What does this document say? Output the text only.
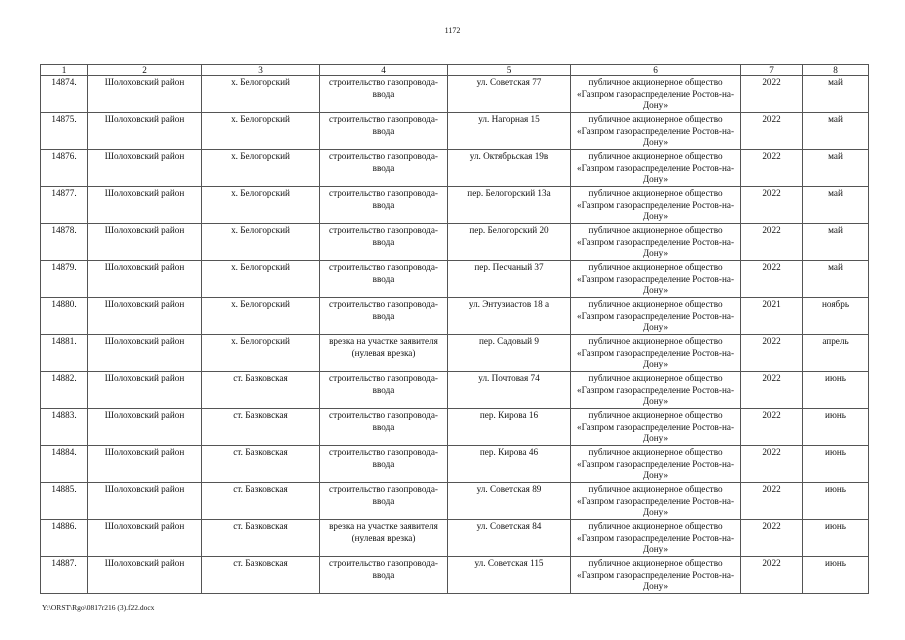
1172
1	2	3	4	5	6	7	8
14874.	Шолоховский район	х. Белогорский	строительство газопровода-ввода	ул. Советская 77	публичное акционерное общество «Газпром газораспределение Ростов-на-Дону»	2022	май
14875.	Шолоховский район	х. Белогорский	строительство газопровода-ввода	ул. Нагорная 15	публичное акционерное общество «Газпром газораспределение Ростов-на-Дону»	2022	май
14876.	Шолоховский район	х. Белогорский	строительство газопровода-ввода	ул. Октябрьская 19в	публичное акционерное общество «Газпром газораспределение Ростов-на-Дону»	2022	май
14877.	Шолоховский район	х. Белогорский	строительство газопровода-ввода	пер. Белогорский 13а	публичное акционерное общество «Газпром газораспределение Ростов-на-Дону»	2022	май
14878.	Шолоховский район	х. Белогорский	строительство газопровода-ввода	пер. Белогорский 20	публичное акционерное общество «Газпром газораспределение Ростов-на-Дону»	2022	май
14879.	Шолоховский район	х. Белогорский	строительство газопровода-ввода	пер. Песчаный 37	публичное акционерное общество «Газпром газораспределение Ростов-на-Дону»	2022	май
14880.	Шолоховский район	х. Белогорский	строительство газопровода-ввода	ул. Энтузиастов 18 а	публичное акционерное общество «Газпром газораспределение Ростов-на-Дону»	2021	ноябрь
14881.	Шолоховский район	х. Белогорский	врезка на участке заявителя (нулевая врезка)	пер. Садовый 9	публичное акционерное общество «Газпром газораспределение Ростов-на-Дону»	2022	апрель
14882.	Шолоховский район	ст. Базковская	строительство газопровода-ввода	ул. Почтовая 74	публичное акционерное общество «Газпром газораспределение Ростов-на-Дону»	2022	июнь
14883.	Шолоховский район	ст. Базковская	строительство газопровода-ввода	пер. Кирова 16	публичное акционерное общество «Газпром газораспределение Ростов-на-Дону»	2022	июнь
14884.	Шолоховский район	ст. Базковская	строительство газопровода-ввода	пер. Кирова 46	публичное акционерное общество «Газпром газораспределение Ростов-на-Дону»	2022	июнь
14885.	Шолоховский район	ст. Базковская	строительство газопровода-ввода	ул. Советская 89	публичное акционерное общество «Газпром газораспределение Ростов-на-Дону»	2022	июнь
14886.	Шолоховский район	ст. Базковская	врезка на участке заявителя (нулевая врезка)	ул. Советская 84	публичное акционерное общество «Газпром газораспределение Ростов-на-Дону»	2022	июнь
14887.	Шолоховский район	ст. Базковская	строительство газопровода-ввода	ул. Советская 115	публичное акционерное общество «Газпром газораспределение Ростов-на-Дону»	2022	июнь
Y:\ORST\Rgo\0817r216 (3).f22.docx
